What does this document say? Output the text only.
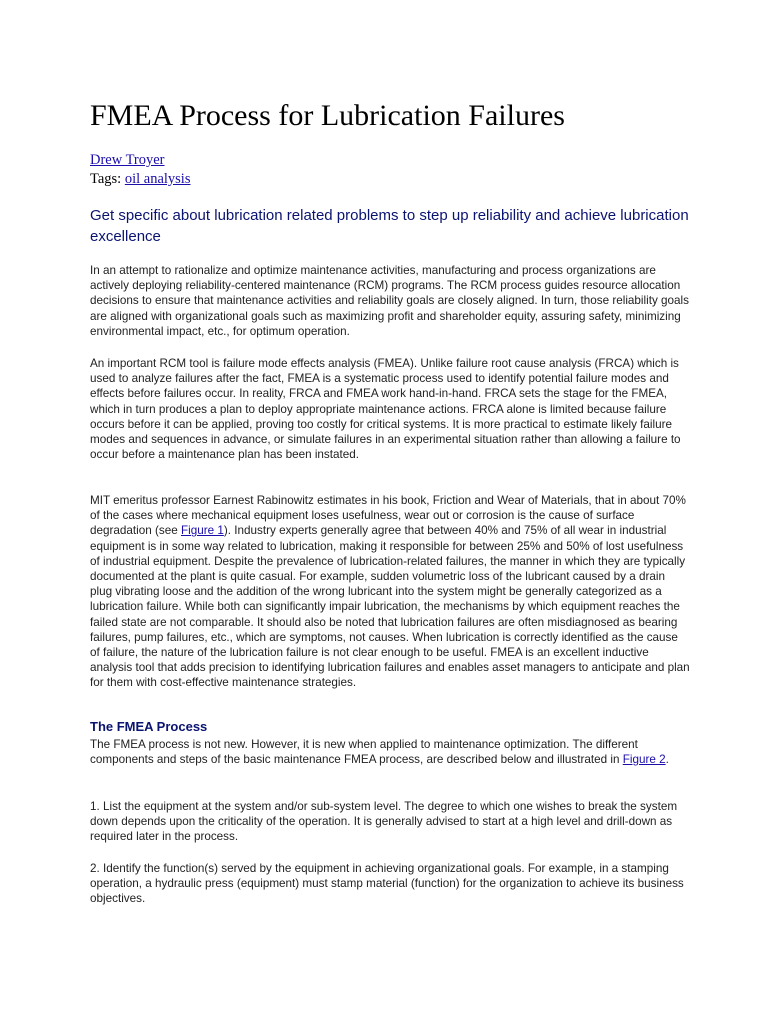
FMEA Process for Lubrication Failures
Drew Troyer
Tags: oil analysis
Get specific about lubrication related problems to step up reliability and achieve lubrication excellence

In an attempt to rationalize and optimize maintenance activities, manufacturing and process organizations are actively deploying reliability-centered maintenance (RCM) programs. The RCM process guides resource allocation decisions to ensure that maintenance activities and reliability goals are closely aligned. In turn, those reliability goals are aligned with organizational goals such as maximizing profit and shareholder equity, assuring safety, minimizing environmental impact, etc., for optimum operation.

An important RCM tool is failure mode effects analysis (FMEA). Unlike failure root cause analysis (FRCA) which is used to analyze failures after the fact, FMEA is a systematic process used to identify potential failure modes and effects before failures occur. In reality, FRCA and FMEA work hand-in-hand. FRCA sets the stage for the FMEA, which in turn produces a plan to deploy appropriate maintenance actions. FRCA alone is limited because failure occurs before it can be applied, proving too costly for critical systems. It is more practical to estimate likely failure modes and sequences in advance, or simulate failures in an experimental situation rather than allowing a failure to occur before a maintenance plan has been instated.

MIT emeritus professor Earnest Rabinowitz estimates in his book, Friction and Wear of Materials, that in about 70% of the cases where mechanical equipment loses usefulness, wear out or corrosion is the cause of surface degradation (see Figure 1). Industry experts generally agree that between 40% and 75% of all wear in industrial equipment is in some way related to lubrication, making it responsible for between 25% and 50% of lost usefulness of industrial equipment. Despite the prevalence of lubrication-related failures, the manner in which they are typically documented at the plant is quite casual. For example, sudden volumetric loss of the lubricant caused by a drain plug vibrating loose and the addition of the wrong lubricant into the system might be generally categorized as a lubrication failure. While both can significantly impair lubrication, the mechanisms by which equipment reaches the failed state are not comparable. It should also be noted that lubrication failures are often misdiagnosed as bearing failures, pump failures, etc., which are symptoms, not causes. When lubrication is correctly identified as the cause of failure, the nature of the lubrication failure is not clear enough to be useful. FMEA is an excellent inductive analysis tool that adds precision to identifying lubrication failures and enables asset managers to anticipate and plan for them with cost-effective maintenance strategies.

The FMEA Process

The FMEA process is not new. However, it is new when applied to maintenance optimization. The different components and steps of the basic maintenance FMEA process, are described below and illustrated in Figure 2.

1. List the equipment at the system and/or sub-system level. The degree to which one wishes to break the system down depends upon the criticality of the operation. It is generally advised to start at a high level and drill-down as required later in the process.

2. Identify the function(s) served by the equipment in achieving organizational goals. For example, in a stamping operation, a hydraulic press (equipment) must stamp material (function) for the organization to achieve its business objectives.
